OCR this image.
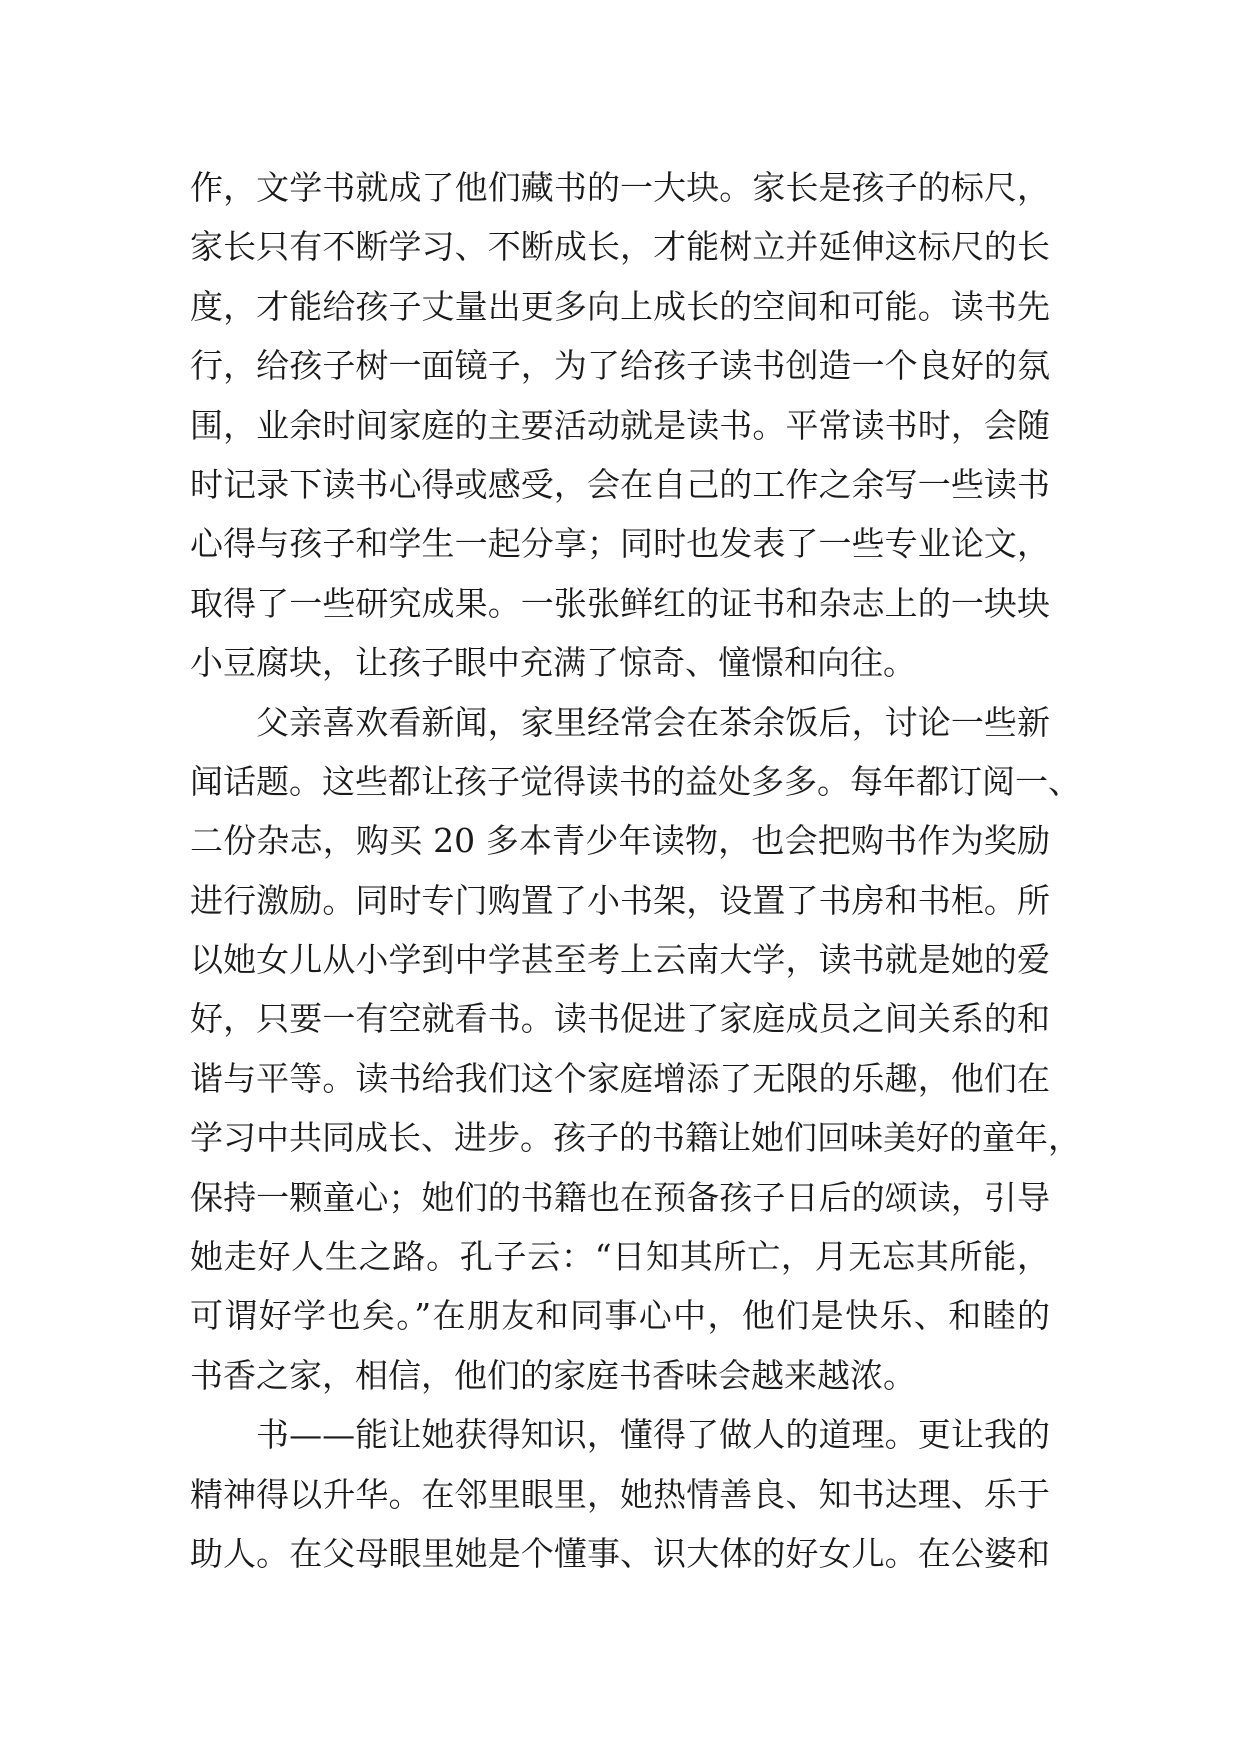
作，文学书就成了他们藏书的一大块。家长是孩子的标尺，
家长只有不断学习、不断成长，才能树立并延伸这标尺的长
度，才能给孩子丈量出更多向上成长的空间和可能。读书先
行，给孩子树一面镜子，为了给孩子读书创造一个良好的氛
围，业余时间家庭的主要活动就是读书。平常读书时，会随
时记录下读书心得或感受，会在自己的工作之余写一些读书
心得与孩子和学生一起分享；同时也发表了一些专业论文，
取得了一些研究成果。一张张鲜红的证书和杂志上的一块块
小豆腐块，让孩子眼中充满了惊奇、憧憬和向往。
父亲喜欢看新闻，家里经常会在茶余饭后，讨论一些新
闻话题。这些都让孩子觉得读书的益处多多。每年都订阅一、
二份杂志，购买 20 多本青少年读物，也会把购书作为奖励
进行激励。同时专门购置了小书架，设置了书房和书柜。所
以她女儿从小学到中学甚至考上云南大学，读书就是她的爱
好，只要一有空就看书。读书促进了家庭成员之间关系的和
谐与平等。读书给我们这个家庭增添了无限的乐趣，他们在
学习中共同成长、进步。孩子的书籍让她们回味美好的童年，
保持一颗童心；她们的书籍也在预备孩子日后的颂读，引导
她走好人生之路。孔子云：“日知其所亡，月无忘其所能，
可谓好学也矣。”在朋友和同事心中，他们是快乐、和睦的
书香之家，相信，他们的家庭书香味会越来越浓。
书——能让她获得知识，懂得了做人的道理。更让我的
精神得以升华。在邻里眼里，她热情善良、知书达理、乐于
助人。在父母眼里她是个懂事、识大体的好女儿。在公婆和
